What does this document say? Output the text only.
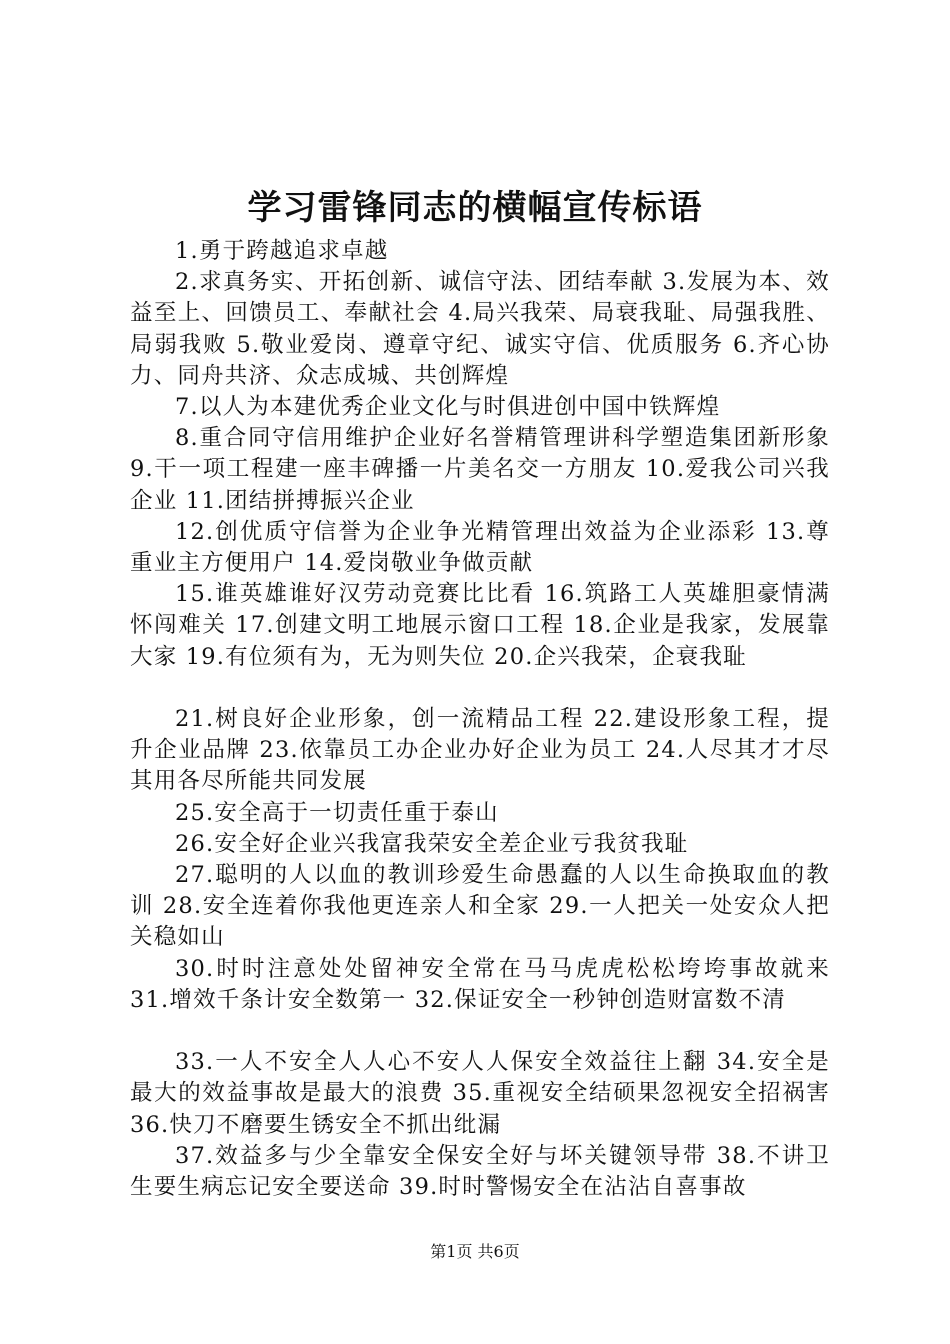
学习雷锋同志的横幅宣传标语

1.勇于跨越追求卓越

2.求真务实、开拓创新、诚信守法、团结奉献 3.发展为本、效益至上、回馈员工、奉献社会 4.局兴我荣、局衰我耻、局强我胜、局弱我败 5.敬业爱岗、遵章守纪、诚实守信、优质服务 6.齐心协力、同舟共济、众志成城、共创辉煌

7.以人为本建优秀企业文化与时俱进创中国中铁辉煌

8.重合同守信用维护企业好名誉精管理讲科学塑造集团新形象 9.干一项工程建一座丰碑播一片美名交一方朋友 10.爱我公司兴我企业 11.团结拼搏振兴企业

12.创优质守信誉为企业争光精管理出效益为企业添彩 13.尊重业主方便用户 14.爱岗敬业争做贡献

15.谁英雄谁好汉劳动竞赛比比看 16.筑路工人英雄胆豪情满怀闯难关 17.创建文明工地展示窗口工程 18.企业是我家，发展靠大家 19.有位须有为，无为则失位 20.企兴我荣，企衰我耻

21.树良好企业形象，创一流精品工程 22.建设形象工程，提升企业品牌 23.依靠员工办企业办好企业为员工 24.人尽其才才尽其用各尽所能共同发展

25.安全高于一切责任重于泰山

26.安全好企业兴我富我荣安全差企业亏我贫我耻

27.聪明的人以血的教训珍爱生命愚蠢的人以生命换取血的教训 28.安全连着你我他更连亲人和全家 29.一人把关一处安众人把关稳如山

30.时时注意处处留神安全常在马马虎虎松松垮垮事故就来 31.增效千条计安全数第一 32.保证安全一秒钟创造财富数不清

33.一人不安全人人心不安人人保安全效益往上翻 34.安全是最大的效益事故是最大的浪费 35.重视安全结硕果忽视安全招祸害 36.快刀不磨要生锈安全不抓出纰漏

37.效益多与少全靠安全保安全好与坏关键领导带 38.不讲卫生要生病忘记安全要送命 39.时时警惕安全在沾沾自喜事故

第1页 共6页
